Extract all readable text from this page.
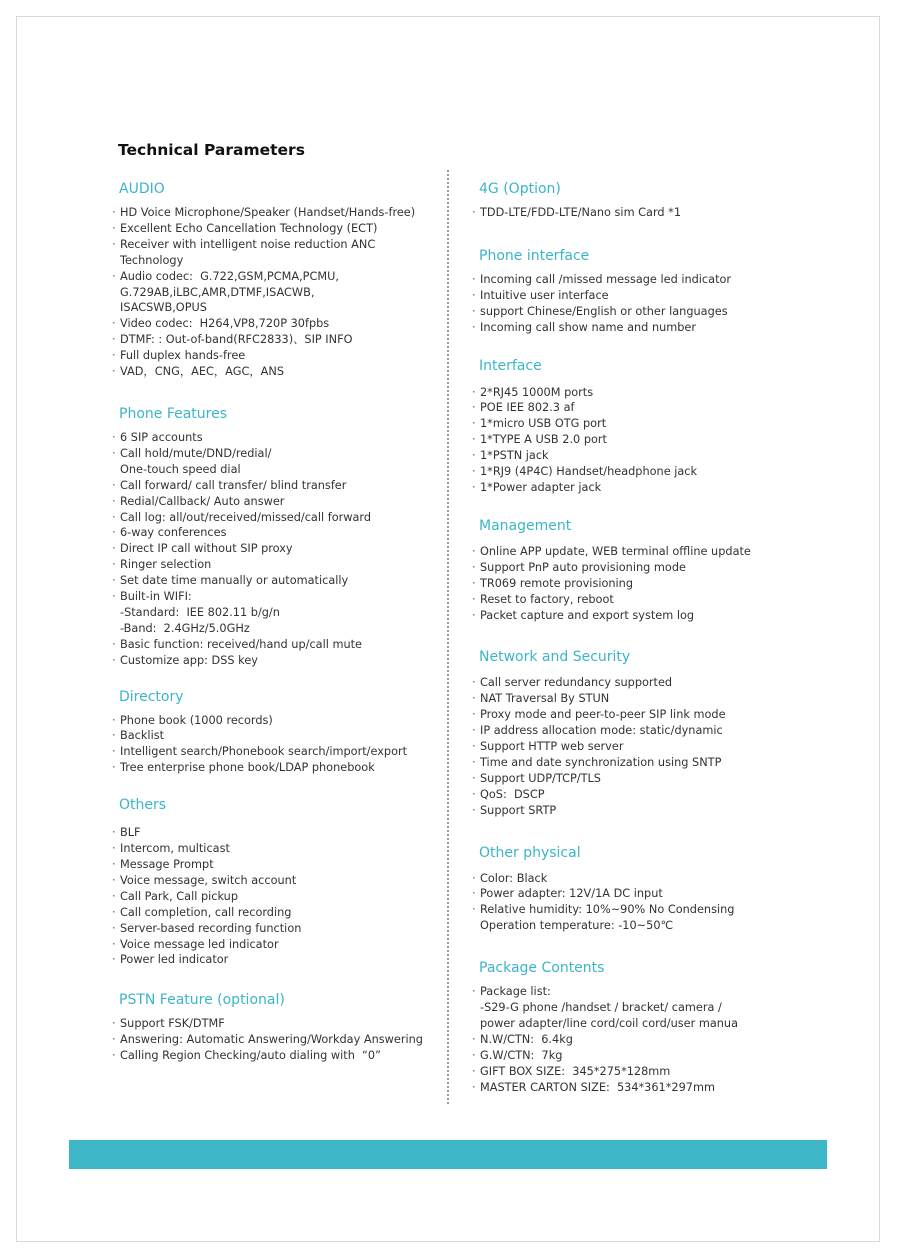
Technical Parameters
AUDIO
· HD Voice Microphone/Speaker (Handset/Hands-free)
· Excellent Echo Cancellation Technology (ECT)
· Receiver with intelligent noise reduction ANC
Technology
· Audio codec:  G.722,GSM,PCMA,PCMU,
G.729AB,iLBC,AMR,DTMF,ISACWB,
ISACSWB,OPUS
· Video codec:  H264,VP8,720P 30fpbs
· DTMF: : Out-of-band(RFC2833)、SIP INFO
· Full duplex hands-free
· VAD，CNG，AEC，AGC，ANS
Phone Features
· 6 SIP accounts
· Call hold/mute/DND/redial/
One-touch speed dial
· Call forward/ call transfer/ blind transfer
· Redial/Callback/ Auto answer
· Call log: all/out/received/missed/call forward
· 6-way conferences
· Direct IP call without SIP proxy
· Ringer selection
· Set date time manually or automatically
· Built-in WIFI:
-Standard:  IEE 802.11 b/g/n
-Band:  2.4GHz/5.0GHz
· Basic function: received/hand up/call mute
· Customize app: DSS key
Directory
· Phone book (1000 records)
· Backlist
· Intelligent search/Phonebook search/import/export
· Tree enterprise phone book/LDAP phonebook
Others
· BLF
· Intercom, multicast
· Message Prompt
· Voice message, switch account
· Call Park, Call pickup
· Call completion, call recording
· Server-based recording function
· Voice message led indicator
· Power led indicator
PSTN Feature (optional)
· Support FSK/DTMF
· Answering: Automatic Answering/Workday Answering
· Calling Region Checking/auto dialing with  “0”
4G (Option)
· TDD-LTE/FDD-LTE/Nano sim Card *1
Phone interface
· Incoming call /missed message led indicator
· Intuitive user interface
· support Chinese/English or other languages
· Incoming call show name and number
Interface
· 2*RJ45 1000M ports
· POE IEE 802.3 af
· 1*micro USB OTG port
· 1*TYPE A USB 2.0 port
· 1*PSTN jack
· 1*RJ9 (4P4C) Handset/headphone jack
· 1*Power adapter jack
Management
· Online APP update, WEB terminal offline update
· Support PnP auto provisioning mode
· TR069 remote provisioning
· Reset to factory, reboot
· Packet capture and export system log
Network and Security
· Call server redundancy supported
· NAT Traversal By STUN
· Proxy mode and peer-to-peer SIP link mode
· IP address allocation mode: static/dynamic
· Support HTTP web server
· Time and date synchronization using SNTP
· Support UDP/TCP/TLS
· QoS:  DSCP
· Support SRTP
Other physical
· Color: Black
· Power adapter: 12V/1A DC input
· Relative humidity: 10%~90% No Condensing
Operation temperature: -10~50℃
Package Contents
· Package list:
-S29-G phone /handset / bracket/ camera /
power adapter/line cord/coil cord/user manua
· N.W/CTN:  6.4kg
· G.W/CTN:  7kg
· GIFT BOX SIZE:  345*275*128mm
· MASTER CARTON SIZE:  534*361*297mm
